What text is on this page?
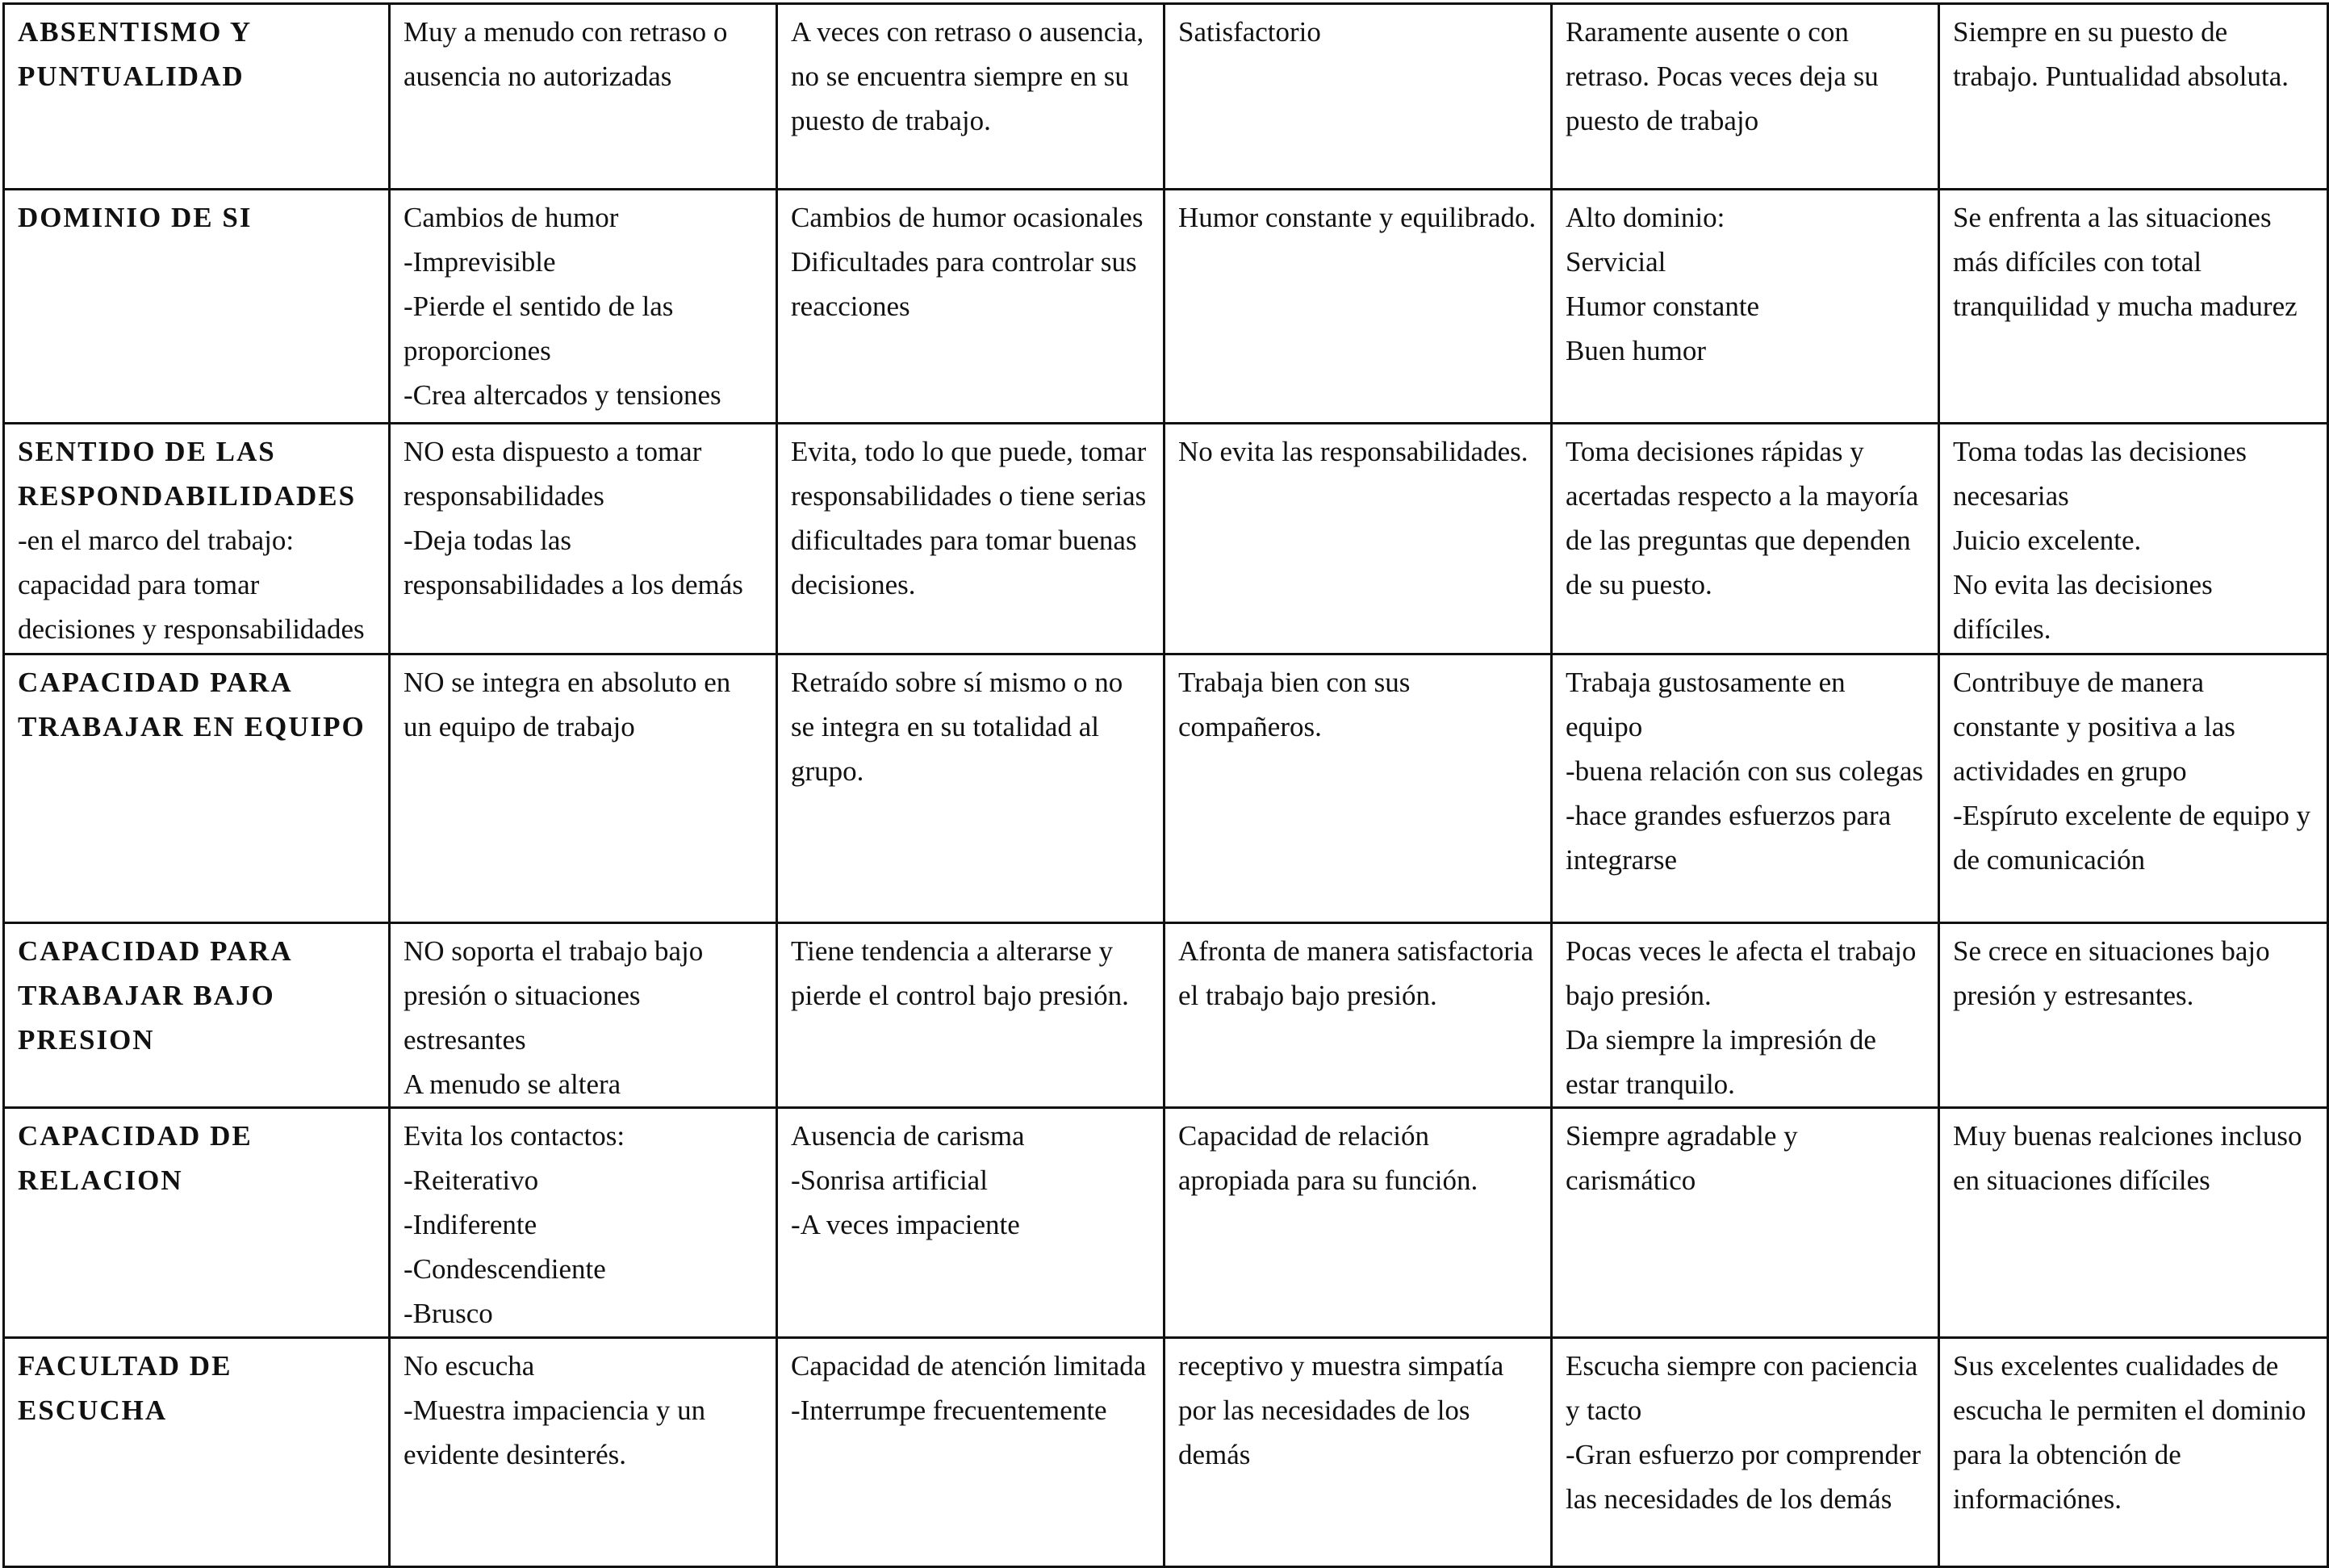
ABSENTISMO Y
PUNTUALIDAD	Muy a menudo con retraso o ausencia no autorizadas	A veces con retraso o ausencia, no se encuentra siempre en su puesto de trabajo.	Satisfactorio	Raramente ausente o con retraso. Pocas veces deja su puesto de trabajo	Siempre en su puesto de trabajo. Puntualidad absoluta.

DOMINIO DE SI	Cambios de humor
-Imprevisible
-Pierde el sentido de las proporciones
-Crea altercados y tensiones	Cambios de humor ocasionales
Dificultades para controlar sus reacciones	Humor constante y equilibrado.	Alto dominio:
Servicial
Humor constante
Buen humor	Se enfrenta a las situaciones más difíciles con total tranquilidad y mucha madurez

SENTIDO DE LAS
RESPONDABILIDADES
-en el marco del trabajo: capacidad para tomar decisiones y responsabilidades	NO esta dispuesto a tomar responsabilidades
-Deja todas las responsabilidades a los demás	Evita, todo lo que puede, tomar responsabilidades o tiene serias dificultades para tomar buenas decisiones.	No evita las responsabilidades.	Toma decisiones rápidas y acertadas respecto a la mayoría de las preguntas que dependen de su puesto.	Toma todas las decisiones necesarias
Juicio excelente.
No evita las decisiones difíciles.

CAPACIDAD PARA
TRABAJAR EN EQUIPO	NO se integra en absoluto en un equipo de trabajo	Retraído sobre sí mismo o no se integra en su totalidad al grupo.	Trabaja bien con sus compañeros.	Trabaja gustosamente en equipo
-buena relación con sus colegas
-hace grandes esfuerzos para integrarse	Contribuye de manera constante y positiva a las actividades en grupo
-Espíruto excelente de equipo y de comunicación

CAPACIDAD PARA
TRABAJAR BAJO
PRESION	NO soporta el trabajo bajo presión o situaciones estresantes
A menudo se altera	Tiene tendencia a alterarse y pierde el control bajo presión.	Afronta de manera satisfactoria el trabajo bajo presión.	Pocas veces le afecta el trabajo bajo presión.
Da siempre la impresión de estar tranquilo.	Se crece en situaciones bajo presión y estresantes.

CAPACIDAD DE
RELACION	Evita los contactos:
-Reiterativo
-Indiferente
-Condescendiente
-Brusco	Ausencia de carisma
-Sonrisa artificial
-A veces impaciente	Capacidad de relación apropiada para su función.	Siempre agradable y carismático	Muy buenas realciones incluso en situaciones difíciles

FACULTAD DE
ESCUCHA	No escucha
-Muestra impaciencia y un evidente desinterés.	Capacidad de atención limitada
-Interrumpe frecuentemente	receptivo y muestra simpatía por las necesidades de los demás	Escucha siempre con paciencia y tacto
-Gran esfuerzo por comprender las necesidades de los demás	Sus excelentes cualidades de escucha le permiten el dominio para la obtención de informaciónes.
